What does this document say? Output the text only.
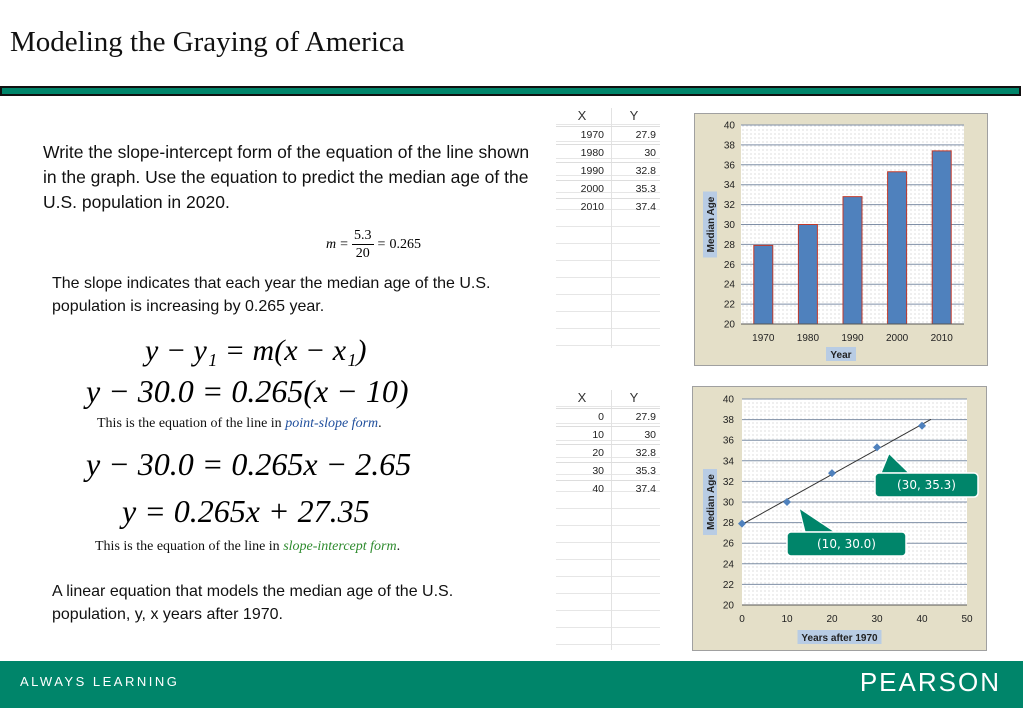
Modeling the Graying of America
Write the slope-intercept form of the equation of the line shown in the graph. Use the equation to predict the median age of the U.S. population in 2020.
$m = \frac{5.3}{20} = 0.265$
The slope indicates that each year the median age of the U.S. population is increasing by 0.265 year.
y − y₁ = m(x − x₁)
y − 30.0 = 0.265(x − 10)
This is the equation of the line in point-slope form.
y − 30.0 = 0.265x − 2.65
y = 0.265x + 27.35
This is the equation of the line in slope-intercept form.
A linear equation that models the median age of the U.S. population, y, x years after 1970.
X	Y
1970	27.9
1980	30
1990	32.8
2000	35.3
2010	37.4
X	Y
0	27.9
10	30
20	32.8
30	35.3
40	37.4
20
22
24
26
28
30
32
34
36
38
40
1970 1980 1990 2000 2010
Year
Median Age
20
22
24
26
28
30
32
34
36
38
40
0	10	20	30	40	50
(30, 35.3)
(10, 30.0)
Years after 1970
Median Age
ALWAYS LEARNING	PEARSON
